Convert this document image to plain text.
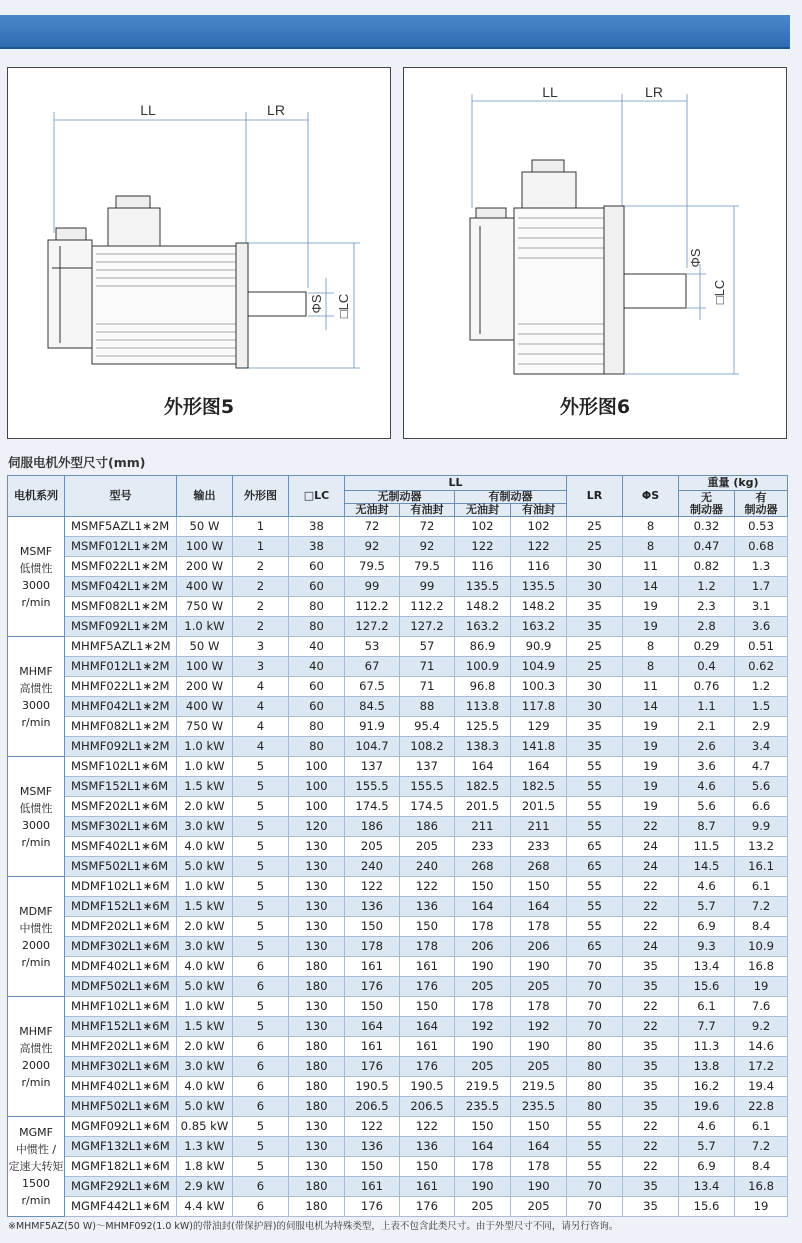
LL	LR
ΦS □LC
外形图5
LL	LR
ΦS
□LC
外形图6
伺服电机外型尺寸(mm)
电机系列	型号	输出	外形图	□LC	LL				LR	ΦS	重量 (kg)	
					无制动器		有制动器				无
制动器	有
制动器
					无油封	有油封	无油封	有油封				

MSMF
低惯性
3000
r/min	MSMF5AZL1∗2M	50 W	1	38	72	72	102	102	25	8	0.32	0.53
	MSMF012L1∗2M	100 W	1	38	92	92	122	122	25	8	0.47	0.68
	MSMF022L1∗2M	200 W	2	60	79.5	79.5	116	116	30	11	0.82	1.3
	MSMF042L1∗2M	400 W	2	60	99	99	135.5	135.5	30	14	1.2	1.7
	MSMF082L1∗2M	750 W	2	80	112.2	112.2	148.2	148.2	35	19	2.3	3.1
	MSMF092L1∗2M	1.0 kW	2	80	127.2	127.2	163.2	163.2	35	19	2.8	3.6

MHMF
高惯性
3000
r/min	MHMF5AZL1∗2M	50 W	3	40	53	57	86.9	90.9	25	8	0.29	0.51
	MHMF012L1∗2M	100 W	3	40	67	71	100.9	104.9	25	8	0.4	0.62
	MHMF022L1∗2M	200 W	4	60	67.5	71	96.8	100.3	30	11	0.76	1.2
	MHMF042L1∗2M	400 W	4	60	84.5	88	113.8	117.8	30	14	1.1	1.5
	MHMF082L1∗2M	750 W	4	80	91.9	95.4	125.5	129	35	19	2.1	2.9
	MHMF092L1∗2M	1.0 kW	4	80	104.7	108.2	138.3	141.8	35	19	2.6	3.4

MSMF
低惯性
3000
r/min	MSMF102L1∗6M	1.0 kW	5	100	137	137	164	164	55	19	3.6	4.7
	MSMF152L1∗6M	1.5 kW	5	100	155.5	155.5	182.5	182.5	55	19	4.6	5.6
	MSMF202L1∗6M	2.0 kW	5	100	174.5	174.5	201.5	201.5	55	19	5.6	6.6
	MSMF302L1∗6M	3.0 kW	5	120	186	186	211	211	55	22	8.7	9.9
	MSMF402L1∗6M	4.0 kW	5	130	205	205	233	233	65	24	11.5	13.2
	MSMF502L1∗6M	5.0 kW	5	130	240	240	268	268	65	24	14.5	16.1

MDMF
中惯性
2000
r/min	MDMF102L1∗6M	1.0 kW	5	130	122	122	150	150	55	22	4.6	6.1
	MDMF152L1∗6M	1.5 kW	5	130	136	136	164	164	55	22	5.7	7.2
	MDMF202L1∗6M	2.0 kW	5	130	150	150	178	178	55	22	6.9	8.4
	MDMF302L1∗6M	3.0 kW	5	130	178	178	206	206	65	24	9.3	10.9
	MDMF402L1∗6M	4.0 kW	6	180	161	161	190	190	70	35	13.4	16.8
	MDMF502L1∗6M	5.0 kW	6	180	176	176	205	205	70	35	15.6	19

MHMF
高惯性
2000
r/min	MHMF102L1∗6M	1.0 kW	5	130	150	150	178	178	70	22	6.1	7.6
	MHMF152L1∗6M	1.5 kW	5	130	164	164	192	192	70	22	7.7	9.2
	MHMF202L1∗6M	2.0 kW	6	180	161	161	190	190	80	35	11.3	14.6
	MHMF302L1∗6M	3.0 kW	6	180	176	176	205	205	80	35	13.8	17.2
	MHMF402L1∗6M	4.0 kW	6	180	190.5	190.5	219.5	219.5	80	35	16.2	19.4
	MHMF502L1∗6M	5.0 kW	6	180	206.5	206.5	235.5	235.5	80	35	19.6	22.8

MGMF
中惯性 /
定速大转矩
1500
r/min	MGMF092L1∗6M	0.85 kW	5	130	122	122	150	150	55	22	4.6	6.1
	MGMF132L1∗6M	1.3 kW	5	130	136	136	164	164	55	22	5.7	7.2
	MGMF182L1∗6M	1.8 kW	5	130	150	150	178	178	55	22	6.9	8.4
	MGMF292L1∗6M	2.9 kW	6	180	161	161	190	190	70	35	13.4	16.8
	MGMF442L1∗6M	4.4 kW	6	180	176	176	205	205	70	35	15.6	19
※MHMF5AZ(50 W)〜MHMF092(1.0 kW)的带油封(带保护唇)的伺服电机为特殊类型，上表不包含此类尺寸。由于外型尺寸不同，请另行咨询。
